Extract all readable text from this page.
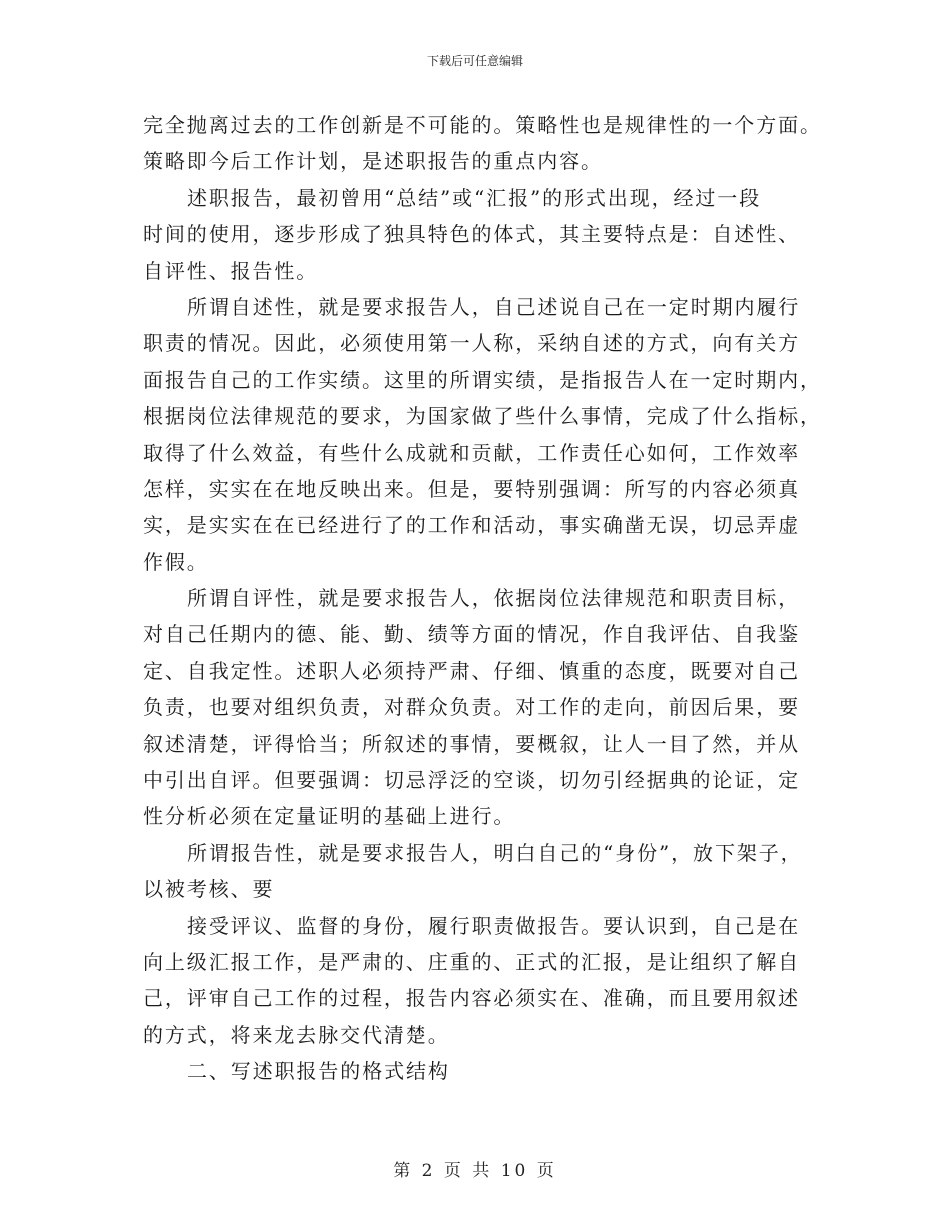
下载后可任意编辑
完全抛离过去的工作创新是不可能的。策略性也是规律性的一个方面。
策略即今后工作计划，是述职报告的重点内容。
述职报告，最初曾用“总结”或“汇报”的形式出现，经过一段
时间的使用，逐步形成了独具特色的体式，其主要特点是：自述性、
自评性、报告性。
所谓自述性，就是要求报告人，自己述说自己在一定时期内履行
职责的情况。因此，必须使用第一人称，采纳自述的方式，向有关方
面报告自己的工作实绩。这里的所谓实绩，是指报告人在一定时期内，
根据岗位法律规范的要求，为国家做了些什么事情，完成了什么指标，
取得了什么效益，有些什么成就和贡献，工作责任心如何，工作效率
怎样，实实在在地反映出来。但是，要特别强调：所写的内容必须真
实，是实实在在已经进行了的工作和活动，事实确凿无误，切忌弄虚
作假。
所谓自评性，就是要求报告人，依据岗位法律规范和职责目标，
对自己任期内的德、能、勤、绩等方面的情况，作自我评估、自我鉴
定、自我定性。述职人必须持严肃、仔细、慎重的态度，既要对自己
负责，也要对组织负责，对群众负责。对工作的走向，前因后果，要
叙述清楚，评得恰当；所叙述的事情，要概叙，让人一目了然，并从
中引出自评。但要强调：切忌浮泛的空谈，切勿引经据典的论证，定
性分析必须在定量证明的基础上进行。
所谓报告性，就是要求报告人，明白自己的“身份”，放下架子，
以被考核、要
接受评议、监督的身份，履行职责做报告。要认识到，自己是在
向上级汇报工作，是严肃的、庄重的、正式的汇报，是让组织了解自
己，评审自己工作的过程，报告内容必须实在、准确，而且要用叙述
的方式，将来龙去脉交代清楚。
二、写述职报告的格式结构
第 2 页 共 10 页
